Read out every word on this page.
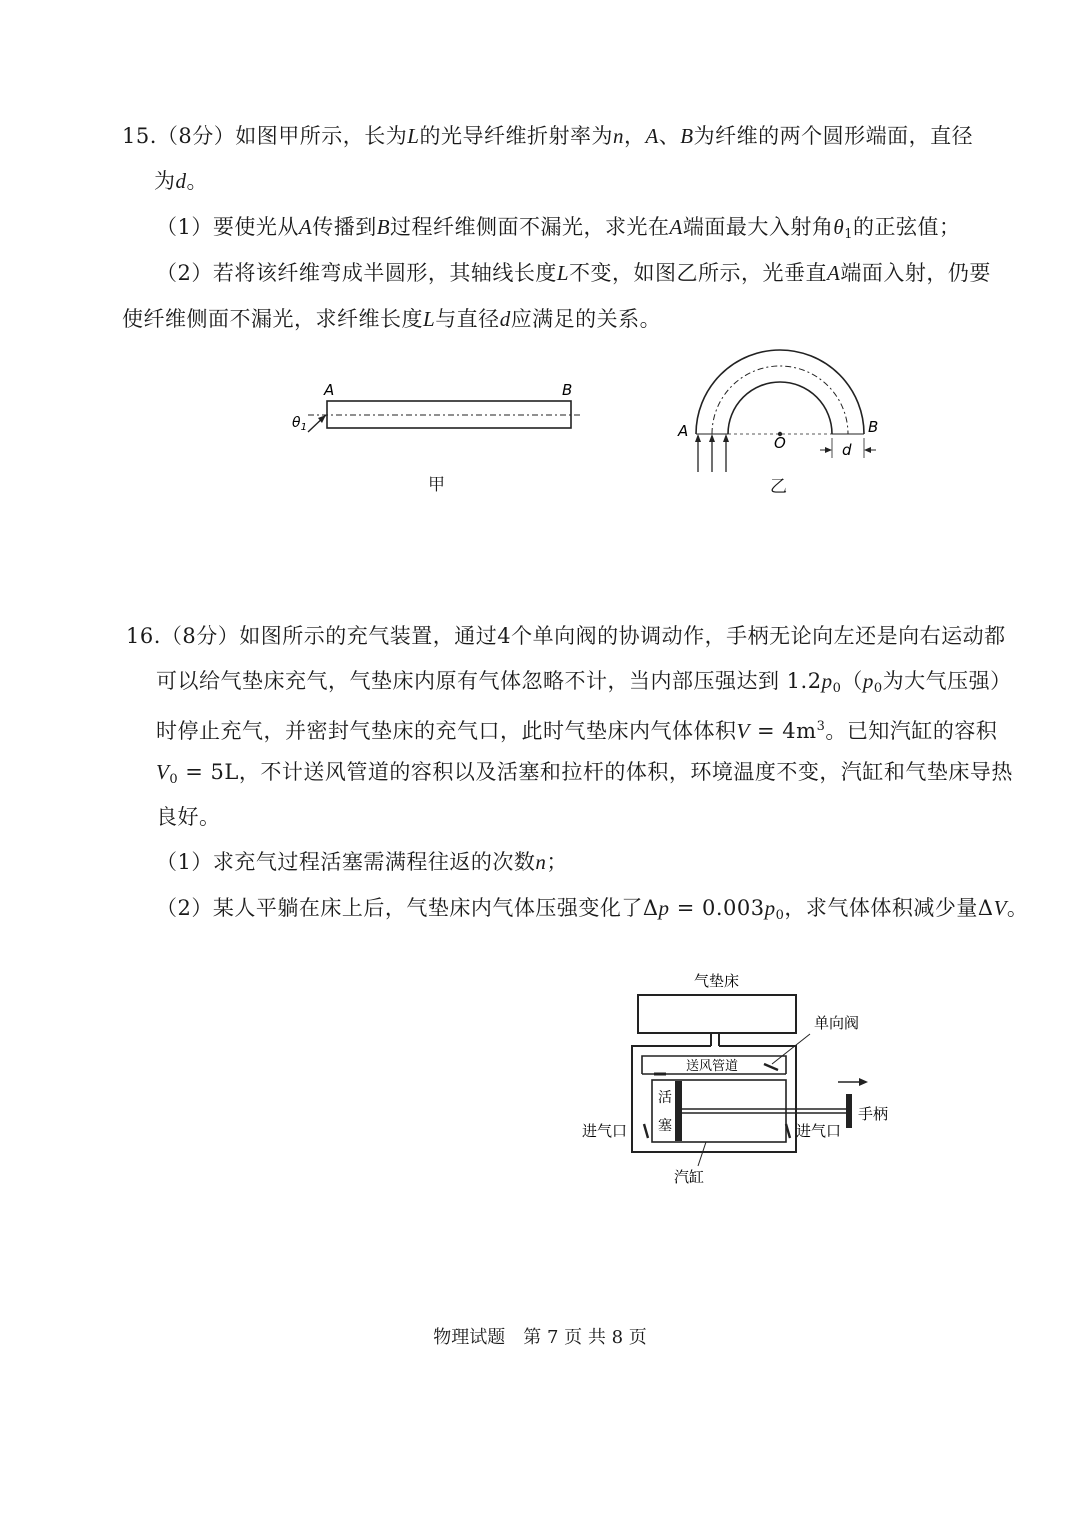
15.（8分）如图甲所示，长为L的光导纤维折射率为n，A、B为纤维的两个圆形端面，直径
为d。
（1）要使光从A传播到B过程纤维侧面不漏光，求光在A端面最大入射角$\theta_1$的正弦值；
（2）若将该纤维弯成半圆形，其轴线长度L不变，如图乙所示，光垂直A端面入射，仍要
使纤维侧面不漏光，求纤维长度L与直径d应满足的关系。
A	B
$\theta_1$
甲
A	B
O	d
乙
16.（8分）如图所示的充气装置，通过4个单向阀的协调动作，手柄无论向左还是向右运动都
可以给气垫床充气，气垫床内原有气体忽略不计，当内部压强达到 $1.2p_0(p_0$为大气压强）
时停止充气，并密封气垫床的充气口，此时气垫床内气体体积$V = 4m^3$。已知汽缸的容积
$V_0 = 5L$，不计送风管道的容积以及活塞和拉杆的体积，环境温度不变，汽缸和气垫床导热
良好。
（1）求充气过程活塞需满程往返的次数n；
（2）某人平躺在床上后，气垫床内气体压强变化了$\Delta p = 0.003p_0$，求气体体积减少量ΔV。
气垫床
送风管道
单向阀
活
塞
手柄
进气口	进气口
汽缸
物理试题　第 7 页 共 8 页
